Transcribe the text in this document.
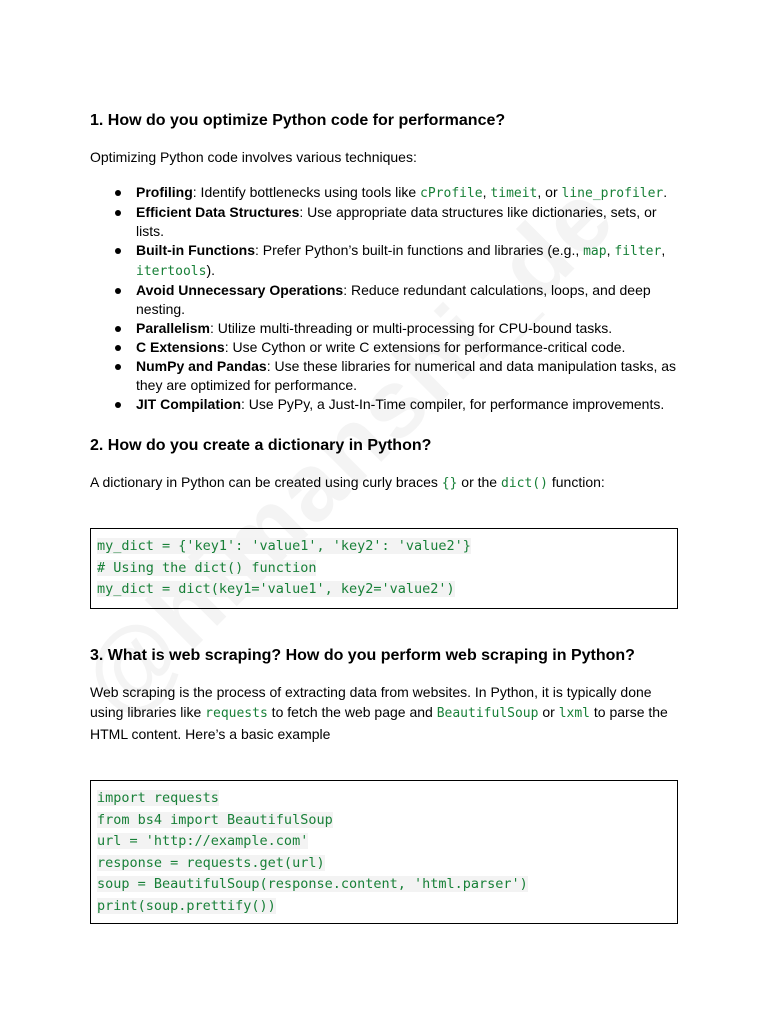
1. How do you optimize Python code for performance?

Optimizing Python code involves various techniques:

Profiling: Identify bottlenecks using tools like cProfile, timeit, or line_profiler.
Efficient Data Structures: Use appropriate data structures like dictionaries, sets, or lists.
Built-in Functions: Prefer Python’s built-in functions and libraries (e.g., map, filter, itertools).
Avoid Unnecessary Operations: Reduce redundant calculations, loops, and deep nesting.
Parallelism: Utilize multi-threading or multi-processing for CPU-bound tasks.
C Extensions: Use Cython or write C extensions for performance-critical code.
NumPy and Pandas: Use these libraries for numerical and data manipulation tasks, as they are optimized for performance.
JIT Compilation: Use PyPy, a Just-In-Time compiler, for performance improvements.
2. How do you create a dictionary in Python?

A dictionary in Python can be created using curly braces {} or the dict() function:

my_dict = {'key1': 'value1', 'key2': 'value2'}
# Using the dict() function
my_dict = dict(key1='value1', key2='value2')
3. What is web scraping? How do you perform web scraping in Python?

Web scraping is the process of extracting data from websites. In Python, it is typically done using libraries like requests to fetch the web page and BeautifulSoup or lxml to parse the HTML content. Here’s a basic example

import requests
from bs4 import BeautifulSoup
url = 'http://example.com'
response = requests.get(url)
soup = BeautifulSoup(response.content, 'html.parser')
print(soup.prettify())
